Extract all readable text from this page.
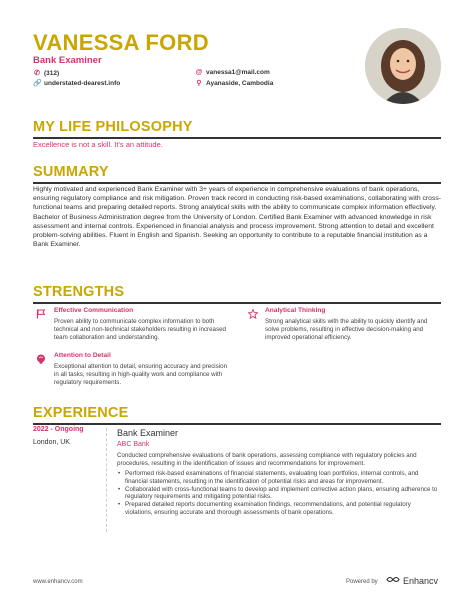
VANESSA FORD
Bank Examiner
✆ (312)
🔗 understated-dearest.info
@ vanessa1@mail.com
⚲ Ayanaside, Cambodia
MY LIFE PHILOSOPHY
Excellence is not a skill. It's an attitude.
SUMMARY
Highly motivated and experienced Bank Examiner with 3+ years of experience in comprehensive evaluations of bank operations, ensuring regulatory compliance and risk mitigation. Proven track record in conducting risk-based examinations, collaborating with cross-functional teams and preparing detailed reports. Strong analytical skills with the ability to communicate complex information effectively. Bachelor of Business Administration degree from the University of London. Certified Bank Examiner with advanced knowledge in risk assessment and internal controls. Experienced in financial analysis and process improvement. Strong attention to detail and excellent problem-solving abilities. Fluent in English and Spanish. Seeking an opportunity to contribute to a reputable financial institution as a Bank Examiner.
STRENGTHS
Effective Communication
Proven ability to communicate complex information to both technical and non-technical stakeholders resulting in increased team collaboration and understanding.
Analytical Thinking
Strong analytical skills with the ability to quickly identify and solve problems, resulting in effective decision-making and improved operational efficiency.
Attention to Detail
Exceptional attention to detail, ensuring accuracy and precision in all tasks, resulting in high-quality work and compliance with regulatory requirements.
EXPERIENCE
2022 - Ongoing
London, UK
Bank Examiner
ABC Bank
Conducted comprehensive evaluations of bank operations, assessing compliance with regulatory policies and procedures, resulting in the identification of issues and recommendations for improvement.
• Performed risk-based examinations of financial statements, evaluating loan portfolios, internal controls, and financial statements, resulting in the identification of potential risks and areas for improvement.
• Collaborated with cross-functional teams to develop and implement corrective action plans, ensuring adherence to regulatory requirements and mitigating potential risks.
• Prepared detailed reports documenting examination findings, recommendations, and potential regulatory violations, ensuring accurate and thorough assessments of bank operations.
www.enhancv.com	Powered by	Enhancv
